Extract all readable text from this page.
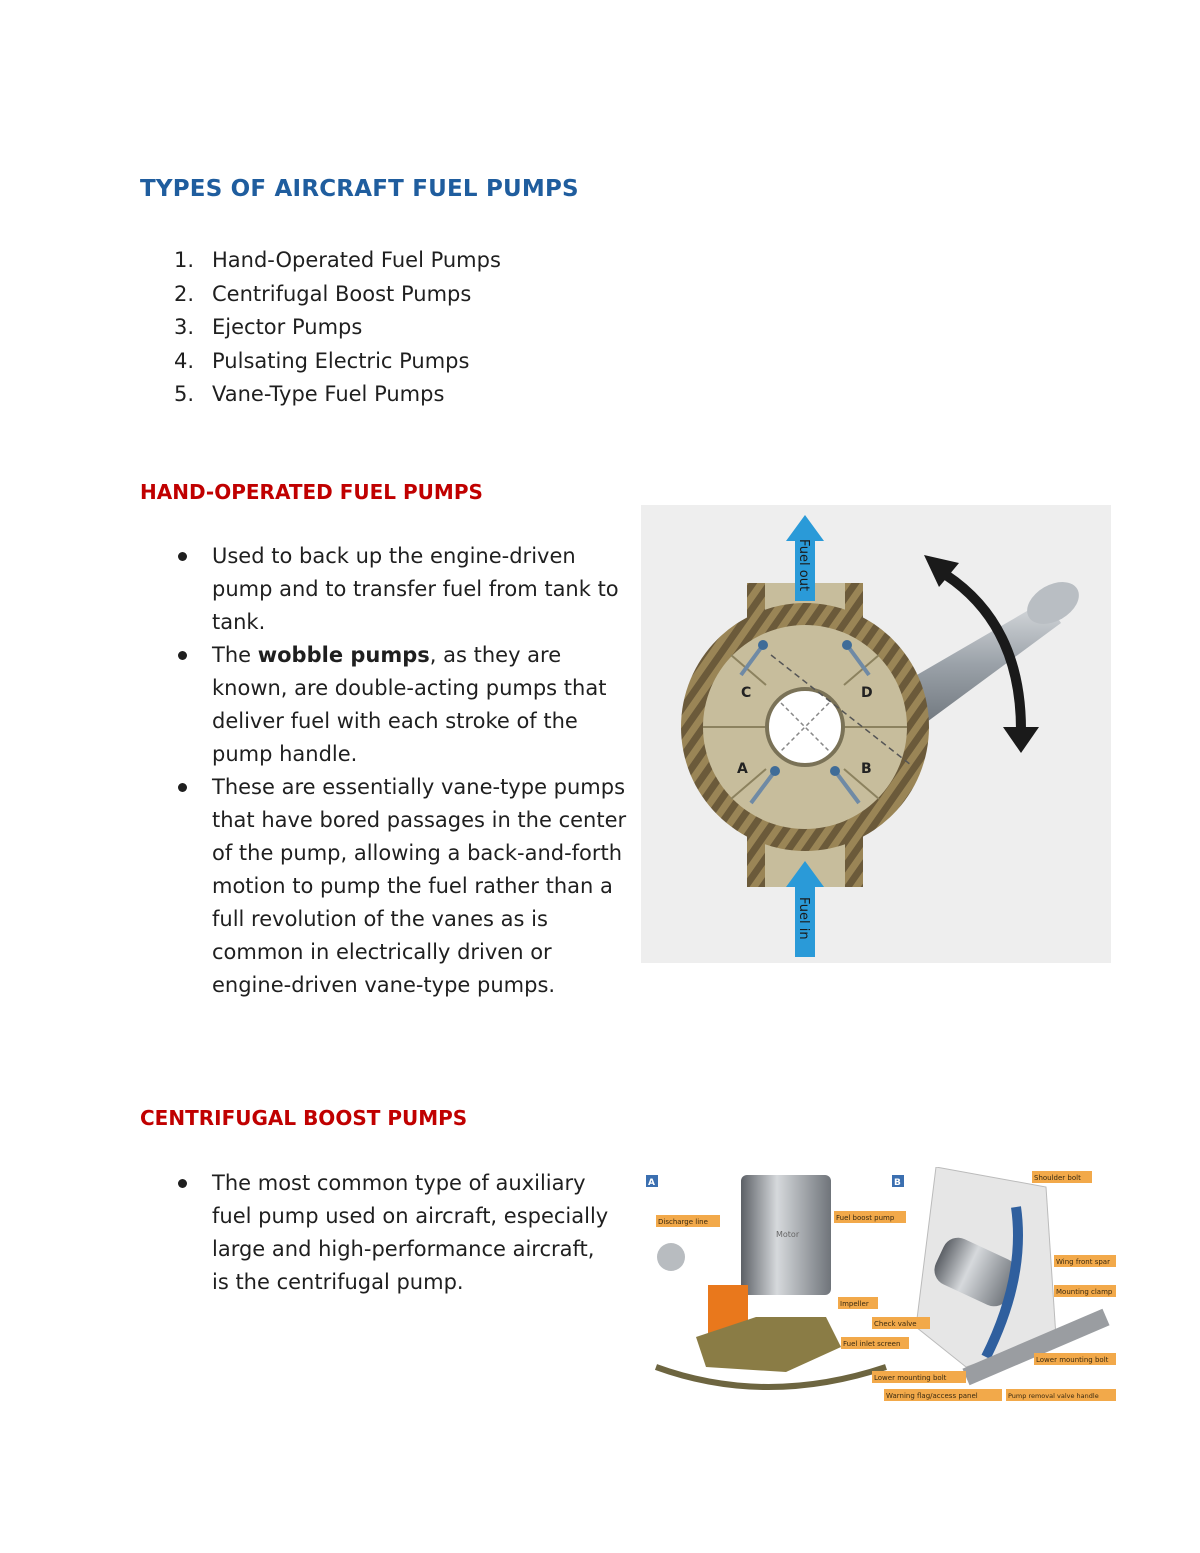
TYPES OF AIRCRAFT FUEL PUMPS
1. Hand-Operated Fuel Pumps
2. Centrifugal Boost Pumps
3. Ejector Pumps
4. Pulsating Electric Pumps
5. Vane-Type Fuel Pumps
HAND-OPERATED FUEL PUMPS
Used to back up the engine-driven pump and to transfer fuel from tank to tank.
The wobble pumps, as they are known, are double-acting pumps that deliver fuel with each stroke of the pump handle.
These are essentially vane-type pumps that have bored passages in the center of the pump, allowing a back-and-forth motion to pump the fuel rather than a full revolution of the vanes as is common in electrically driven or engine-driven vane-type pumps.
C	D
A	B
Fuel out
Fuel in
CENTRIFUGAL BOOST PUMPS
The most common type of auxiliary fuel pump used on aircraft, especially large and high-performance aircraft, is the centrifugal pump.
A
Motor
Discharge line
Impeller
Fuel inlet screen
B
Fuel boost pump
Check valve
Lower mounting bolt
Warning flag/access panel
Shoulder bolt
Wing front spar
Mounting clamp
Lower mounting bolt
Pump removal valve handle
